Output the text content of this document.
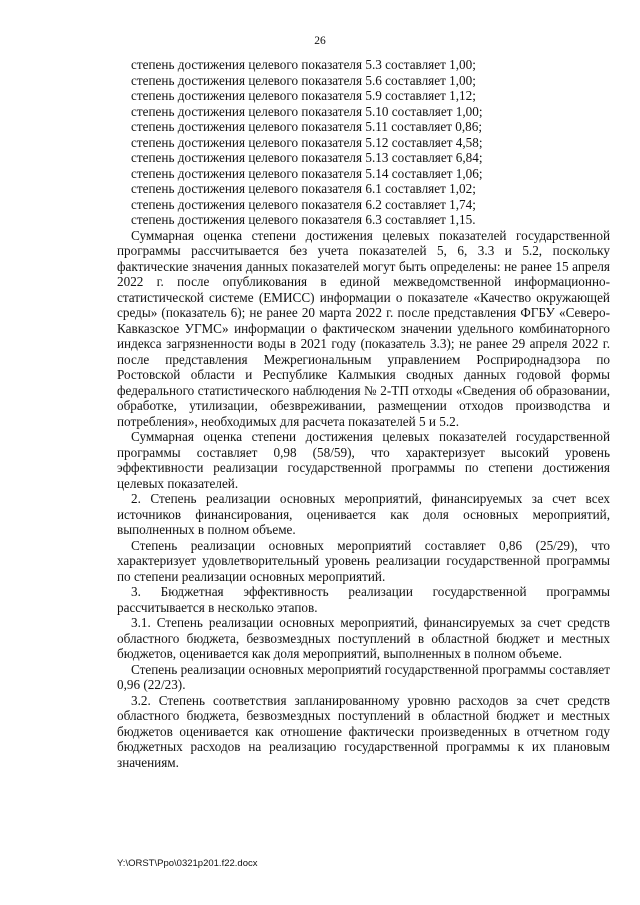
26
степень достижения целевого показателя 5.3 составляет 1,00;
степень достижения целевого показателя 5.6 составляет 1,00;
степень достижения целевого показателя 5.9 составляет 1,12;
степень достижения целевого показателя 5.10 составляет 1,00;
степень достижения целевого показателя 5.11 составляет 0,86;
степень достижения целевого показателя 5.12 составляет 4,58;
степень достижения целевого показателя 5.13 составляет 6,84;
степень достижения целевого показателя 5.14 составляет 1,06;
степень достижения целевого показателя 6.1 составляет 1,02;
степень достижения целевого показателя 6.2 составляет 1,74;
степень достижения целевого показателя 6.3 составляет 1,15.

Суммарная оценка степени достижения целевых показателей государственной программы рассчитывается без учета показателей 5, 6, 3.3 и 5.2, поскольку фактические значения данных показателей могут быть определены: не ранее 15 апреля 2022 г. после опубликования в единой межведомственной информационно-статистической системе (ЕМИСС) информации о показателе «Качество окружающей среды» (показатель 6); не ранее 20 марта 2022 г. после представления ФГБУ «Северо-Кавказское УГМС» информации о фактическом значении удельного комбинаторного индекса загрязненности воды в 2021 году (показатель 3.3); не ранее 29 апреля 2022 г. после представления Межрегиональным управлением Росприроднадзора по Ростовской области и Республике Калмыкия сводных данных годовой формы федерального статистического наблюдения № 2-ТП отходы «Сведения об образовании, обработке, утилизации, обезвреживании, размещении отходов производства и потребления», необходимых для расчета показателей 5 и 5.2.

Суммарная оценка степени достижения целевых показателей государственной программы составляет 0,98 (58/59), что характеризует высокий уровень эффективности реализации государственной программы по степени достижения целевых показателей.

2. Степень реализации основных мероприятий, финансируемых за счет всех источников финансирования, оценивается как доля основных мероприятий, выполненных в полном объеме.

Степень реализации основных мероприятий составляет 0,86 (25/29), что характеризует удовлетворительный уровень реализации государственной программы по степени реализации основных мероприятий.

3. Бюджетная эффективность реализации государственной программы рассчитывается в несколько этапов.

3.1. Степень реализации основных мероприятий, финансируемых за счет средств областного бюджета, безвозмездных поступлений в областной бюджет и местных бюджетов, оценивается как доля мероприятий, выполненных в полном объеме.

Степень реализации основных мероприятий государственной программы составляет 0,96 (22/23).

3.2. Степень соответствия запланированному уровню расходов за счет средств областного бюджета, безвозмездных поступлений в областной бюджет и местных бюджетов оценивается как отношение фактически произведенных в отчетном году бюджетных расходов на реализацию государственной программы к их плановым значениям.

Y:\ORST\Ppo\0321p201.f22.docx
